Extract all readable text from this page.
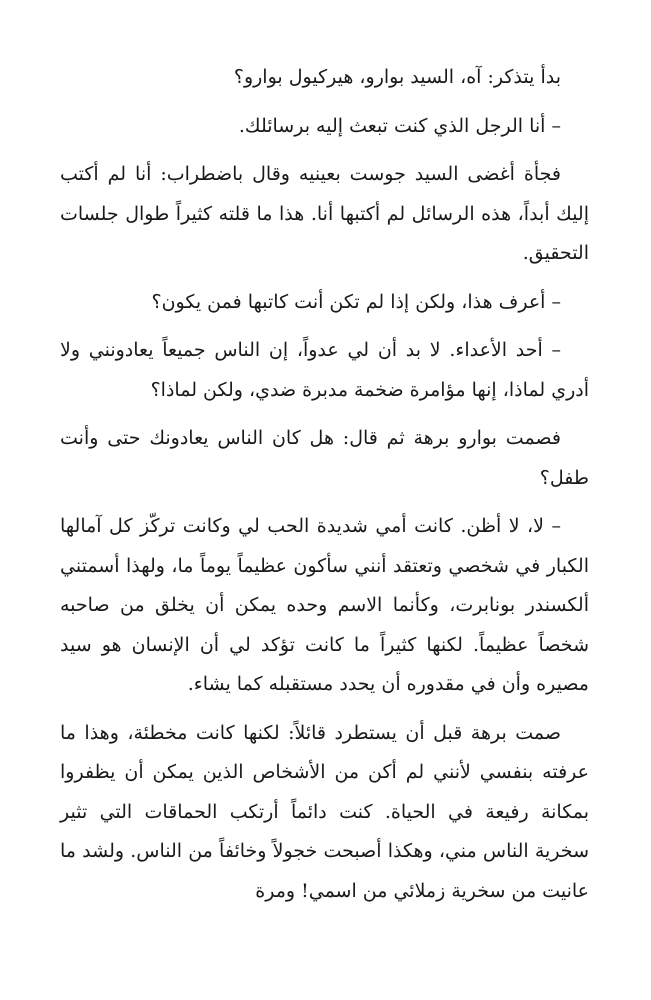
بدأ يتذكر: آه، السيد بوارو، هيركيول بوارو؟

– أنا الرجل الذي كنت تبعث إليه برسائلك.

فجأة أغضى السيد جوست بعينيه وقال باضطراب: أنا لم أكتب إليك أبداً، هذه الرسائل لم أكتبها أنا. هذا ما قلته كثيراً طوال جلسات التحقيق.

– أعرف هذا، ولكن إذا لم تكن أنت كاتبها فمن يكون؟

– أحد الأعداء. لا بد أن لي عدواً، إن الناس جميعاً يعادونني ولا أدري لماذا، إنها مؤامرة ضخمة مدبرة ضدي، ولكن لماذا؟

فصمت بوارو برهة ثم قال: هل كان الناس يعادونك حتى وأنت طفل؟

– لا، لا أظن. كانت أمي شديدة الحب لي وكانت تركّز كل آمالها الكبار في شخصي وتعتقد أنني سأكون عظيماً يوماً ما، ولهذا أسمتني ألكسندر بونابرت، وكأنما الاسم وحده يمكن أن يخلق من صاحبه شخصاً عظيماً. لكنها كثيراً ما كانت تؤكد لي أن الإنسان هو سيد مصيره وأن في مقدوره أن يحدد مستقبله كما يشاء.

صمت برهة قبل أن يستطرد قائلاً: لكنها كانت مخطئة، وهذا ما عرفته بنفسي لأنني لم أكن من الأشخاص الذين يمكن أن يظفروا بمكانة رفيعة في الحياة. كنت دائماً أرتكب الحماقات التي تثير سخرية الناس مني، وهكذا أصبحت خجولاً وخائفاً من الناس. ولشد ما عانيت من سخرية زملائي من اسمي! ومرة
